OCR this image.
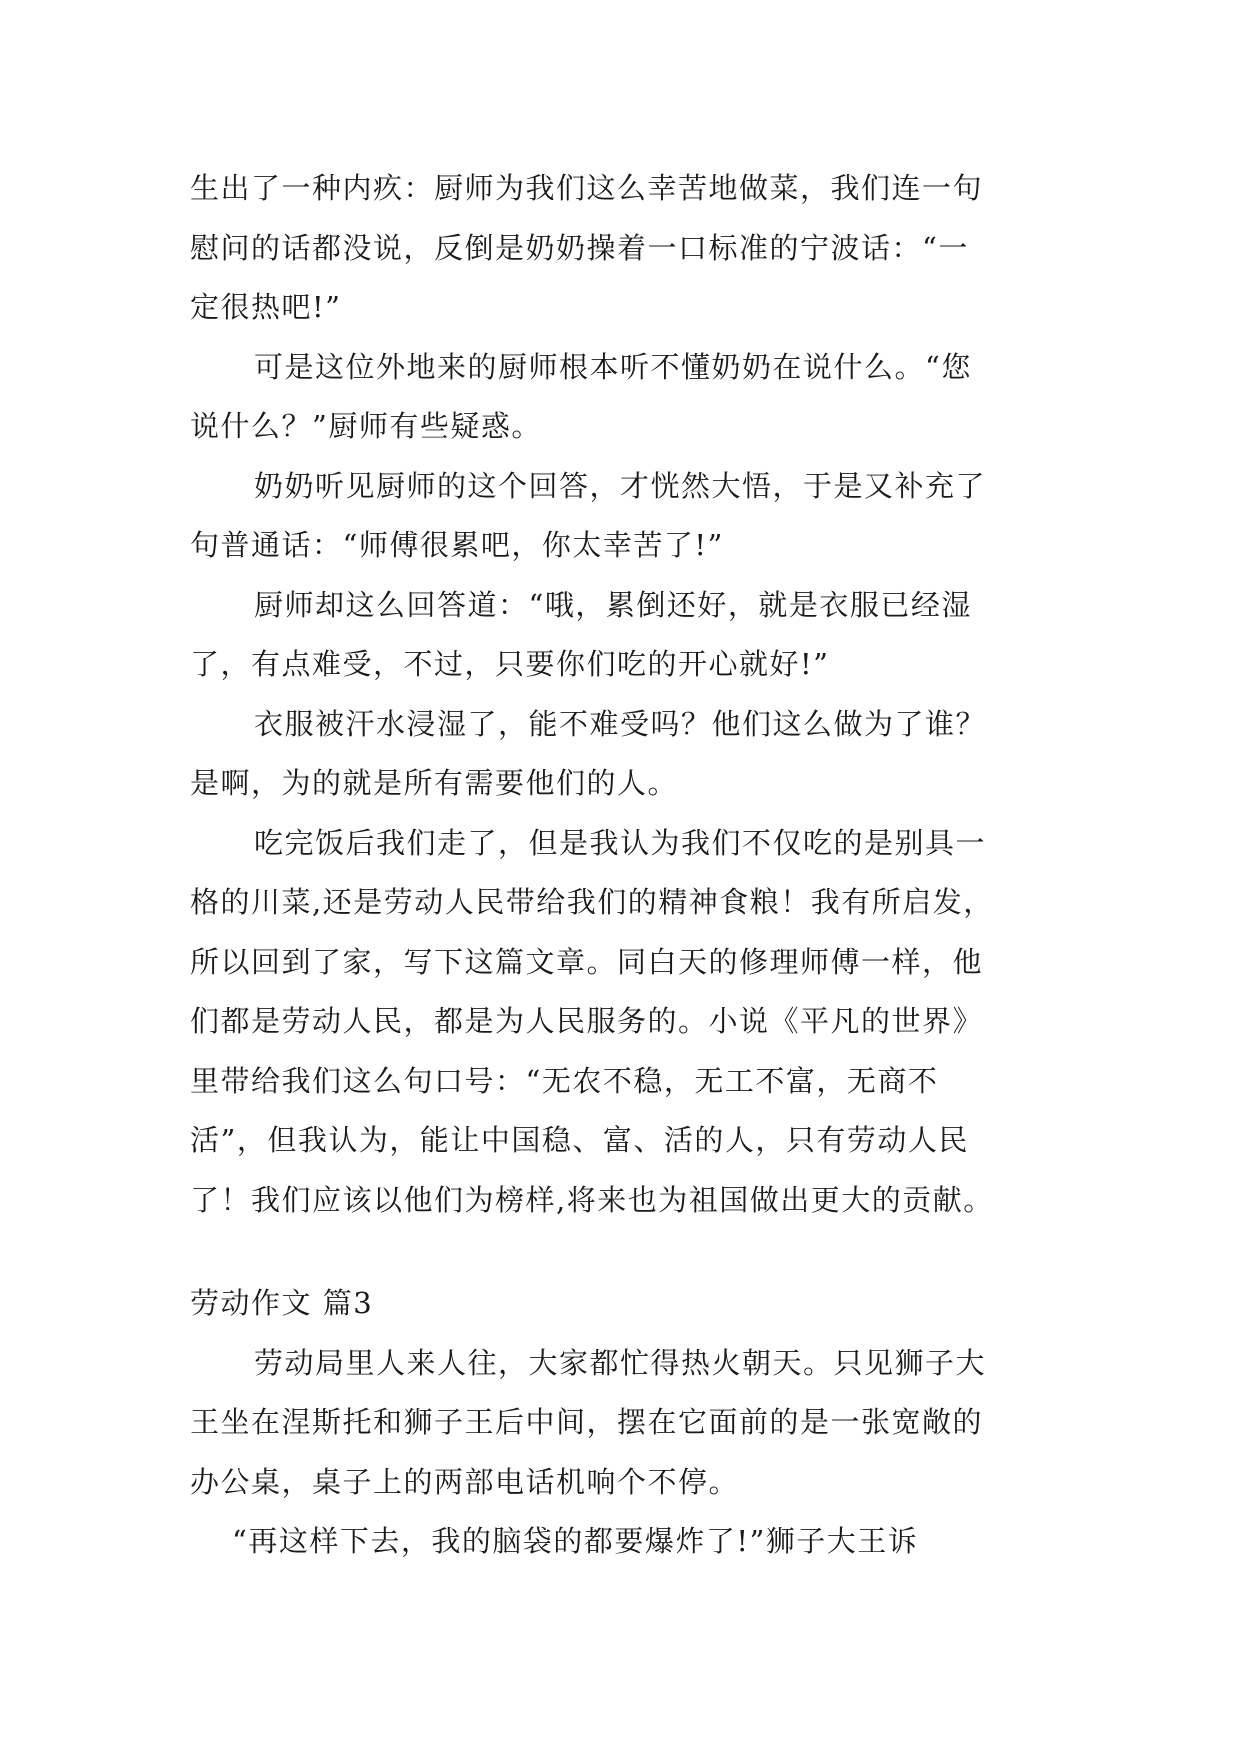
生出了一种内疚：厨师为我们这么幸苦地做菜，我们连一句
慰问的话都没说，反倒是奶奶操着一口标准的宁波话：“一
定很热吧!”
可是这位外地来的厨师根本听不懂奶奶在说什么。“您
说什么？”厨师有些疑惑。
奶奶听见厨师的这个回答，才恍然大悟，于是又补充了
句普通话：“师傅很累吧，你太幸苦了!”
厨师却这么回答道：“哦，累倒还好，就是衣服已经湿
了，有点难受，不过，只要你们吃的开心就好!”
衣服被汗水浸湿了，能不难受吗？他们这么做为了谁？
是啊，为的就是所有需要他们的人。
吃完饭后我们走了，但是我认为我们不仅吃的是别具一
格的川菜,还是劳动人民带给我们的精神食粮！我有所启发，
所以回到了家，写下这篇文章。同白天的修理师傅一样，他
们都是劳动人民，都是为人民服务的。小说《平凡的世界》
里带给我们这么句口号：“无农不稳，无工不富，无商不
活”，但我认为，能让中国稳、富、活的人，只有劳动人民
了！我们应该以他们为榜样,将来也为祖国做出更大的贡献。
劳动作文 篇3
劳动局里人来人往，大家都忙得热火朝天。只见狮子大
王坐在涅斯托和狮子王后中间，摆在它面前的是一张宽敞的
办公桌，桌子上的两部电话机响个不停。
“再这样下去，我的脑袋的都要爆炸了!”狮子大王诉
